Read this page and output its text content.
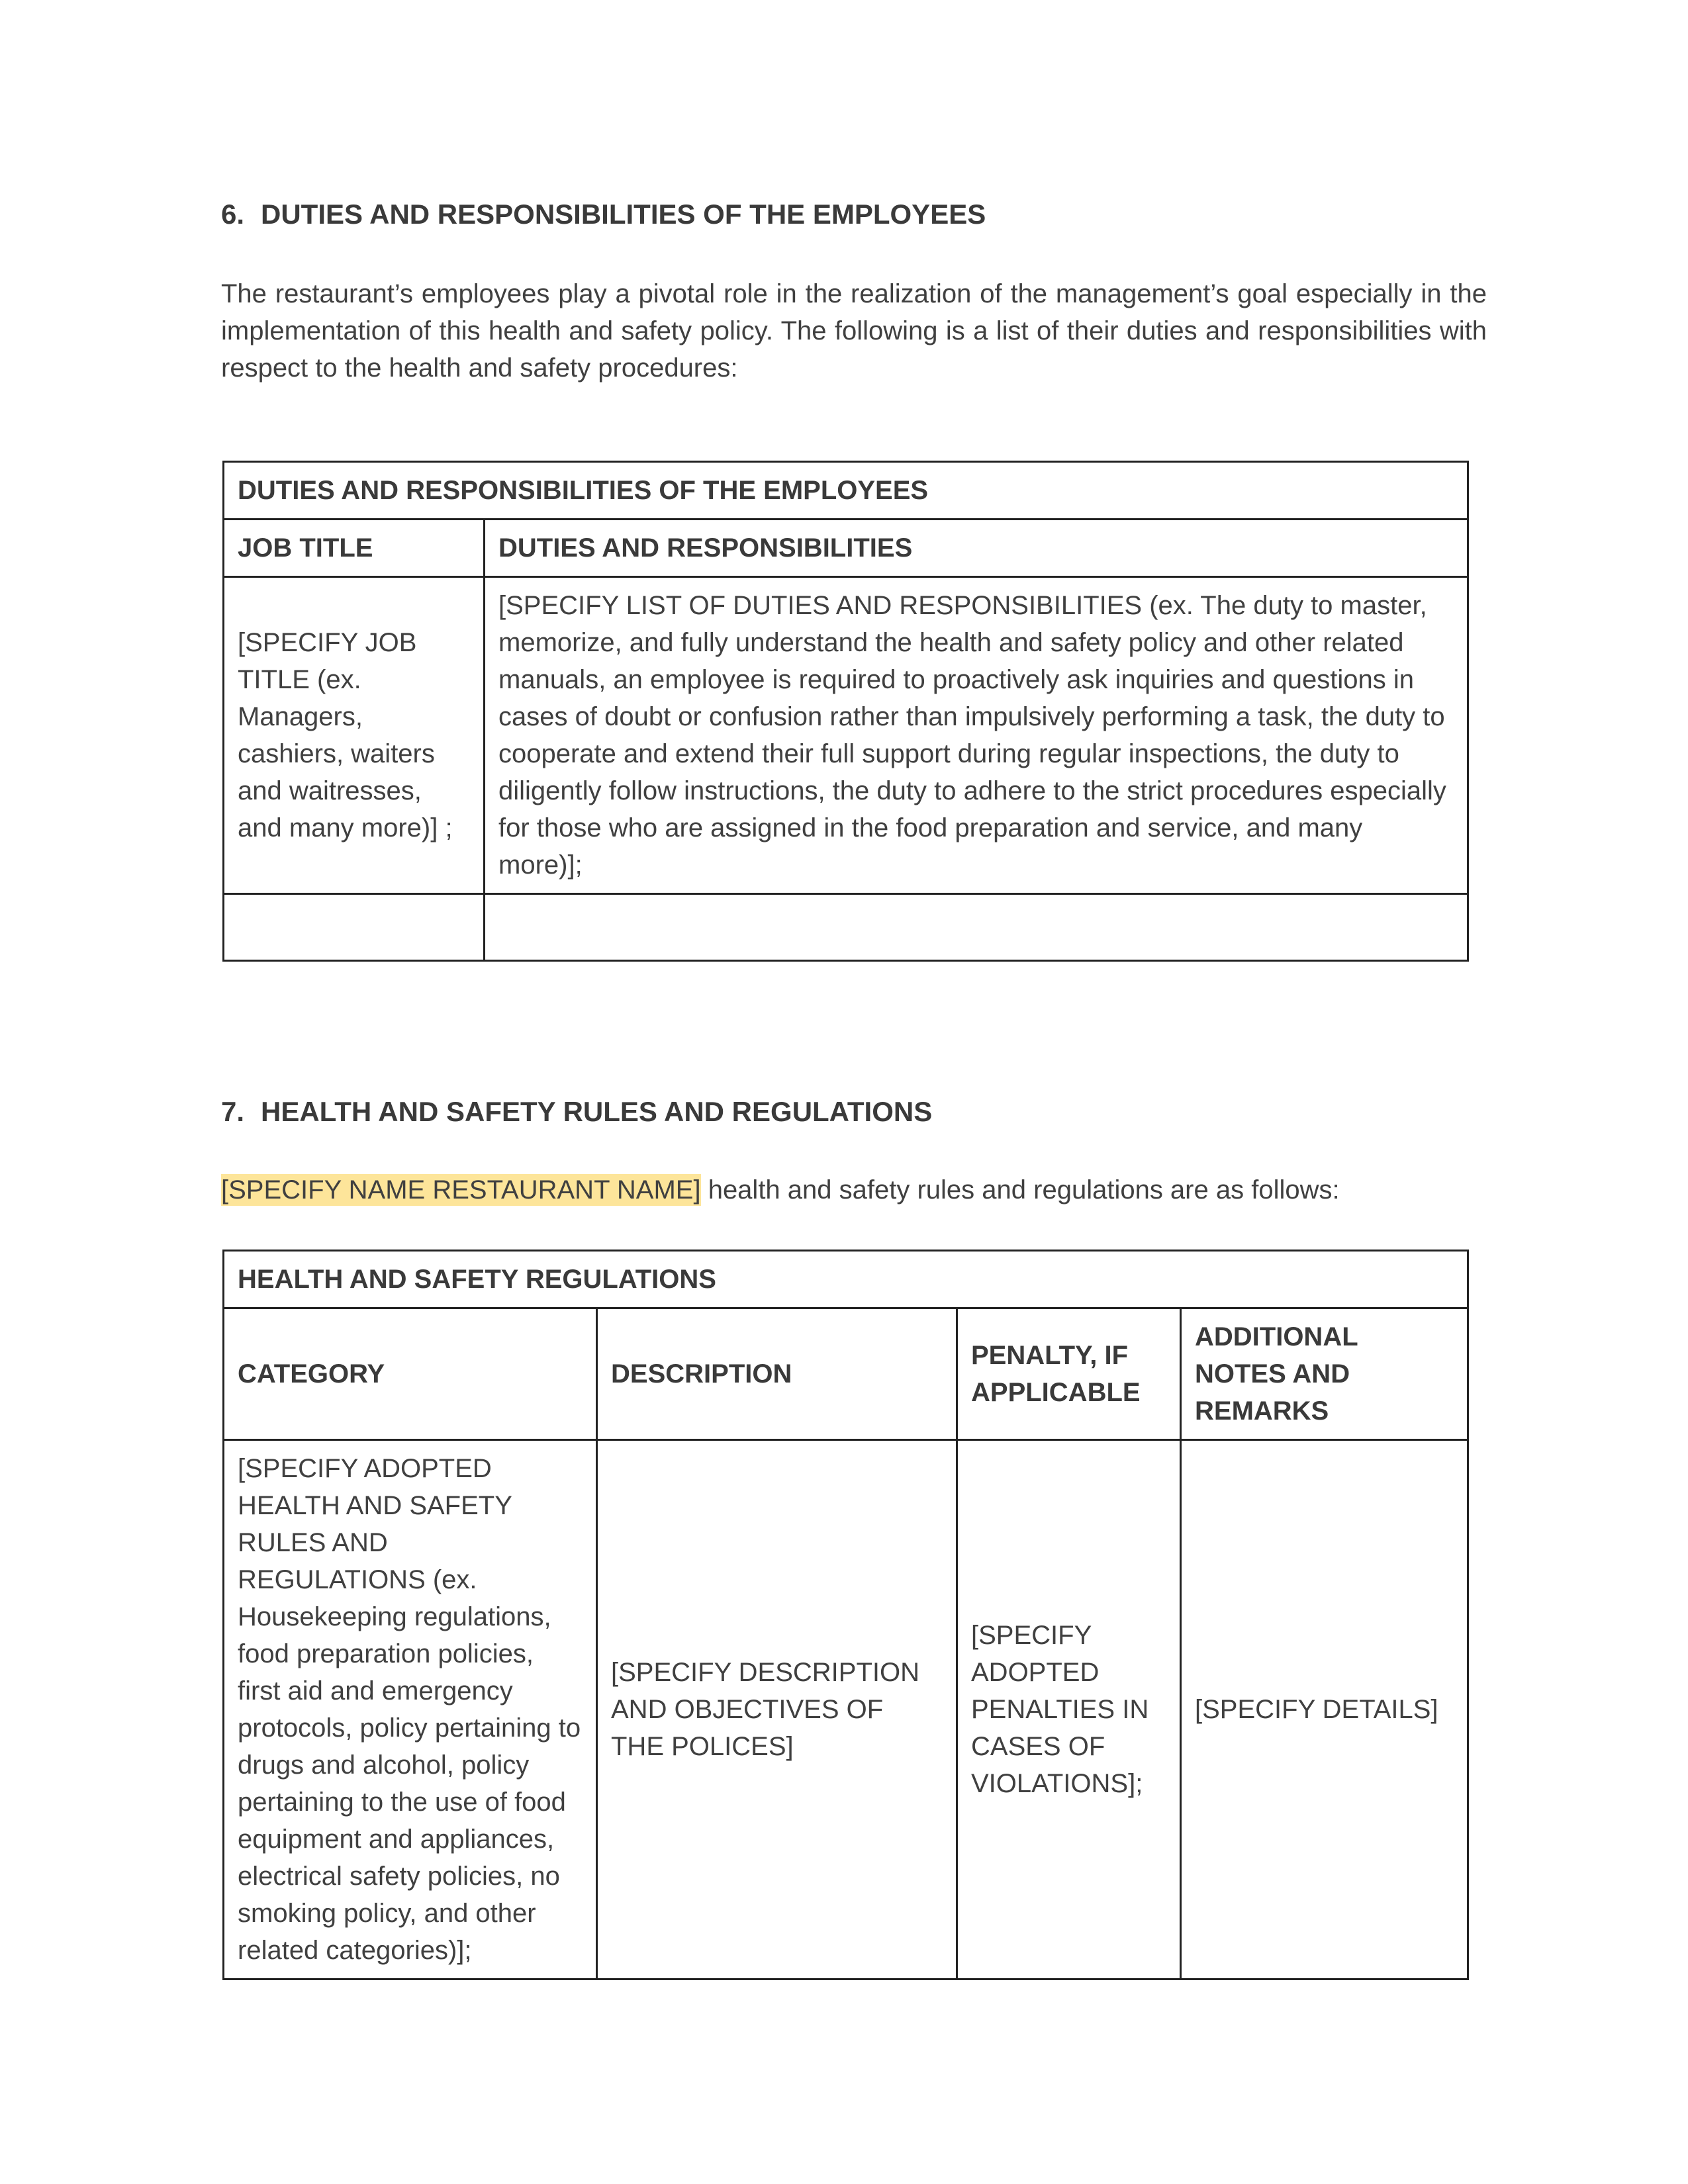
6. DUTIES AND RESPONSIBILITIES OF THE EMPLOYEES

The restaurant’s employees play a pivotal role in the realization of the management’s goal especially in the implementation of this health and safety policy. The following is a list of their duties and responsibilities with respect to the health and safety procedures:

DUTIES AND RESPONSIBILITIES OF THE EMPLOYEES	
JOB TITLE	DUTIES AND RESPONSIBILITIES
[SPECIFY JOB TITLE (ex. Managers, cashiers, waiters and waitresses, and many more)] ;	[SPECIFY LIST OF DUTIES AND RESPONSIBILITIES (ex. The duty to master, memorize, and fully understand the health and safety policy and other related manuals, an employee is required to proactively ask inquiries and questions in cases of doubt or confusion rather than impulsively performing a task, the duty to cooperate and extend their full support during regular inspections, the duty to diligently follow instructions, the duty to adhere to the strict procedures especially for those who are assigned in the food preparation and service, and many more)];

7. HEALTH AND SAFETY RULES AND REGULATIONS

[SPECIFY NAME RESTAURANT NAME] health and safety rules and regulations are as follows:

HEALTH AND SAFETY REGULATIONS			
CATEGORY	DESCRIPTION	PENALTY, IF APPLICABLE	ADDITIONAL NOTES AND REMARKS
[SPECIFY ADOPTED HEALTH AND SAFETY RULES AND REGULATIONS (ex. Housekeeping regulations, food preparation policies, first aid and emergency protocols, policy pertaining to drugs and alcohol, policy pertaining to the use of food equipment and appliances, electrical safety policies, no smoking policy, and other related categories)];	[SPECIFY DESCRIPTION AND OBJECTIVES OF THE POLICES]	[SPECIFY ADOPTED PENALTIES IN CASES OF VIOLATIONS];	[SPECIFY DETAILS]
